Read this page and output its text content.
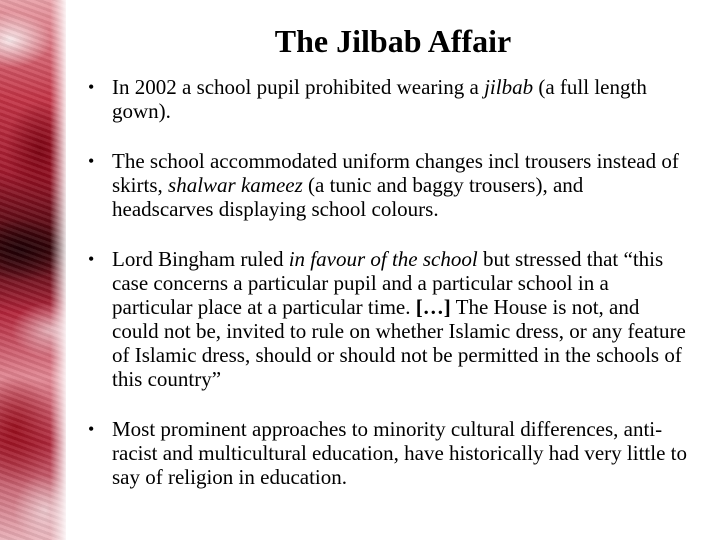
The Jilbab Affair
• In 2002 a school pupil prohibited wearing a jilbab (a full length gown).
• The school accommodated uniform changes incl trousers instead of skirts, shalwar kameez (a tunic and baggy trousers), and headscarves displaying school colours.
• Lord Bingham ruled in favour of the school but stressed that “this case concerns a particular pupil and a particular school in a particular place at a particular time. […] The House is not, and could not be, invited to rule on whether Islamic dress, or any feature of Islamic dress, should or should not be permitted in the schools of this country”
• Most prominent approaches to minority cultural differences, anti-racist and multicultural education, have historically had very little to say of religion in education.
